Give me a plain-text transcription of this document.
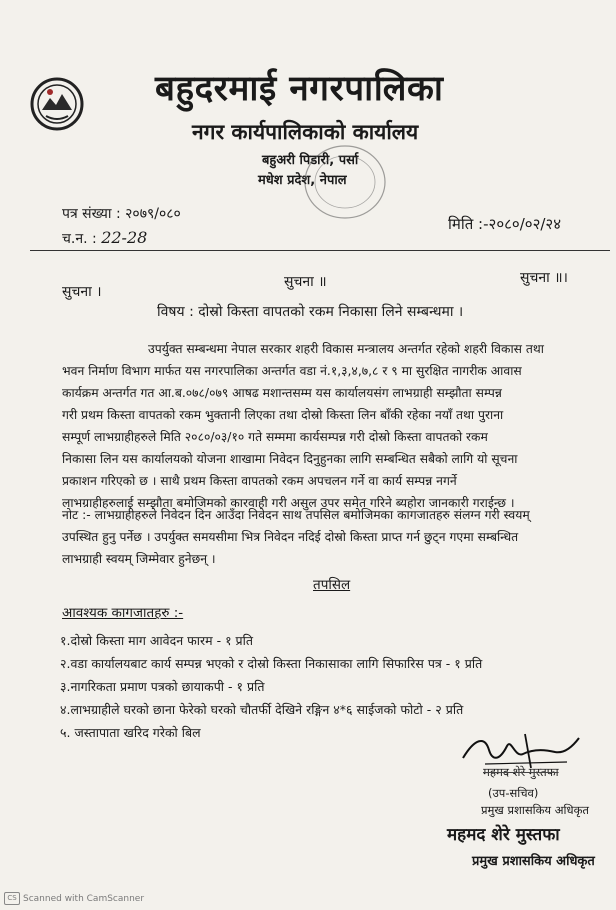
बहुदरमाई नगरपालिका
नगर कार्यपालिकाको कार्यालय
बहुअरी पिडारी, पर्सा
मधेश प्रदेश, नेपाल
पत्र संख्या : २०७९/०८०
च.न. : 22-28
मिति :-२०८०/०२/२४
सुचना ।
सुचना ॥	सुचना ॥।
विषय : दोस्रो किस्ता वापतको रकम निकासा लिने सम्बन्धमा ।
उपर्युक्त सम्बन्धमा नेपाल सरकार शहरी विकास मन्त्रालय अन्तर्गत रहेको शहरी विकास तथा
भवन निर्माण विभाग मार्फत यस नगरपालिका अन्तर्गत वडा नं.१,३,४,७,८ र ९ मा सुरक्षित नागरीक आवास
कार्यक्रम अन्तर्गत गत आ.ब.०७८/०७९ आषढ मशान्तसम्म यस कार्यालयसंग लाभग्राही सम्झौता सम्पन्न
गरी प्रथम किस्ता वापतको रकम भुक्तानी लिएका तथा दोस्रो किस्ता लिन बाँकी रहेका नयाँ तथा पुराना
सम्पूर्ण लाभग्राहीहरुले मिति २०८०/०३/१० गते सम्ममा कार्यसम्पन्न गरी दोस्रो किस्ता वापतको रकम
निकासा लिन यस कार्यालयको योजना शाखामा निवेदन दिनुहुनका लागि सम्बन्धित सबैको लागि यो सूचना
प्रकाशन गरिएको छ । साथै प्रथम किस्ता वापतको रकम अपचलन गर्ने वा कार्य सम्पन्न नगर्ने
लाभग्राहीहरुलाई सम्झौता बमोजिमको कारवाही गरी असुल उपर समेत गरिने ब्यहोरा जानकारी गराईन्छ ।
नोट :- लाभग्राहीहरुले निवेदन दिन आउँदा निवेदन साथ तपसिल बमोजिमका कागजातहरु संलग्न गरी स्वयम्
उपस्थित हुनु पर्नेछ । उपर्युक्त समयसीमा भित्र निवेदन नदिई दोस्रो किस्ता प्राप्त गर्न छुट्न गएमा सम्बन्धित
लाभग्राही स्वयम् जिम्मेवार हुनेछन् ।
तपसिल
आवश्यक कागजातहरु :-
१.दोस्रो किस्ता माग आवेदन फारम - १ प्रति
२.वडा कार्यालयबाट कार्य सम्पन्न भएको र दोस्रो किस्ता निकासाका लागि सिफारिस पत्र - १ प्रति
३.नागरिकता प्रमाण पत्रको छायाकपी - १ प्रति
४.लाभग्राहीले घरको छाना फेरेको घरको चौतर्फी देखिने रङ्गिन ४*६ साईजको फोटो - २ प्रति
५. जस्तापाता खरिद गरेको बिल
महमद शेरे मुस्तफा
(उप-सचिव)
प्रमुख प्रशासकिय अधिकृत
महमद शेरे मुस्तफा
प्रमुख प्रशासकिय अधिकृत
CS Scanned with CamScanner
